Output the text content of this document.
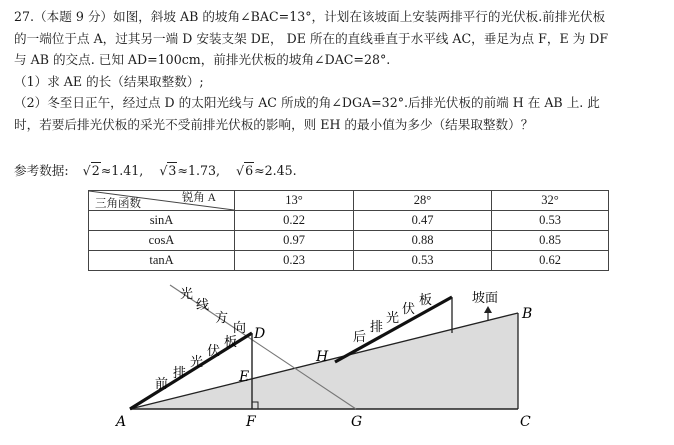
27.（本题 9 分）如图，斜坡 AB 的坡角∠BAC=13°，计划在该坡面上安装两排平行的光伏板.前排光伏板

的一端位于点 A，过其另一端 D 安装支架 DE， DE 所在的直线垂直于水平线 AC，垂足为点 F，E 为 DF

与 AB 的交点. 已知 AD=100cm，前排光伏板的坡角∠DAC=28°.

（1）求 AE 的长（结果取整数）;

（2）冬至日正午，经过点 D 的太阳光线与 AC 所成的角∠DGA=32°.后排光伏板的前端 H 在 AB 上. 此

时，若要后排光伏板的采光不受前排光伏板的影响，则 EH 的最小值为多少（结果取整数）？

参考数据: √2≈1.41, √3≈1.73, √6≈2.45.
锐角 A
三角函数	13°	28°	32°
sinA	0.22	0.47	0.53
cosA	0.97	0.88	0.85
tanA	0.23	0.53	0.62
A
B
C
D
E
F	G
H
光
线
方
向
前
排
光
伏
板	后
排
光
伏
板	坡面
